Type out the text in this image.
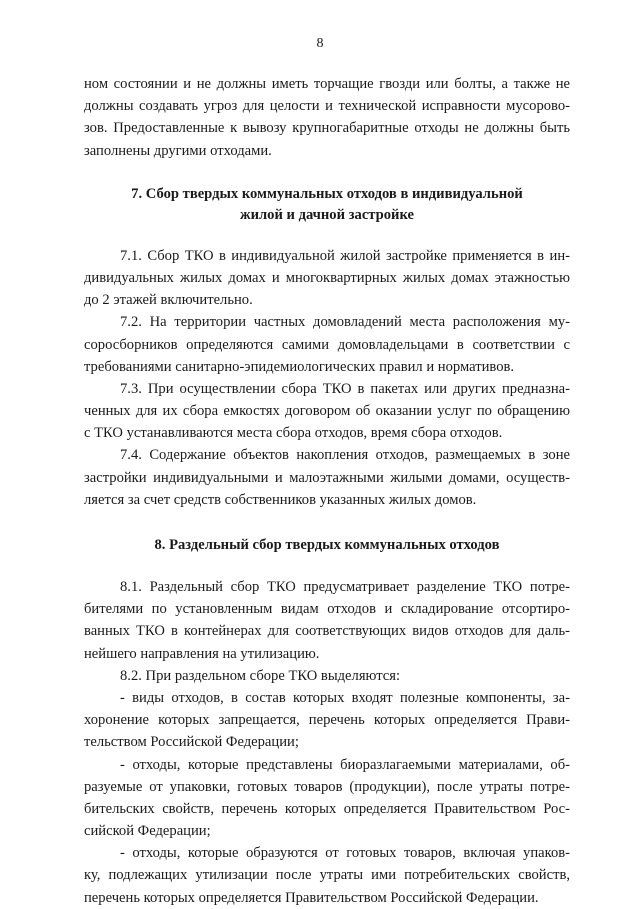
8
ном состоянии и не должны иметь торчащие гвозди или болты, а также не
должны создавать угроз для целости и технической исправности мусорово-
зов. Предоставленные к вывозу крупногабаритные отходы не должны быть
заполнены другими отходами.
7. Сбор твердых коммунальных отходов в индивидуальной
жилой и дачной застройке
7.1. Сбор ТКО в индивидуальной жилой застройке применяется в ин-
дивидуальных жилых домах и многоквартирных жилых домах этажностью
до 2 этажей включительно.
7.2. На территории частных домовладений места расположения му-
соросборников определяются самими домовладельцами в соответствии с
требованиями санитарно-эпидемиологических правил и нормативов.
7.3. При осуществлении сбора ТКО в пакетах или других предназна-
ченных для их сбора емкостях договором об оказании услуг по обращению
с ТКО устанавливаются места сбора отходов, время сбора отходов.
7.4. Содержание объектов накопления отходов, размещаемых в зоне
застройки индивидуальными и малоэтажными жилыми домами, осуществ-
ляется за счет средств собственников указанных жилых домов.
8. Раздельный сбор твердых коммунальных отходов
8.1. Раздельный сбор ТКО предусматривает разделение ТКО потре-
бителями по установленным видам отходов и складирование отсортиро-
ванных ТКО в контейнерах для соответствующих видов отходов для даль-
нейшего направления на утилизацию.
8.2. При раздельном сборе ТКО выделяются:
- виды отходов, в состав которых входят полезные компоненты, за-
хоронение которых запрещается, перечень которых определяется Прави-
тельством Российской Федерации;
- отходы, которые представлены биоразлагаемыми материалами, об-
разуемые от упаковки, готовых товаров (продукции), после утраты потре-
бительских свойств, перечень которых определяется Правительством Рос-
сийской Федерации;
- отходы, которые образуются от готовых товаров, включая упаков-
ку, подлежащих утилизации после утраты ими потребительских свойств,
перечень которых определяется Правительством Российской Федерации.
